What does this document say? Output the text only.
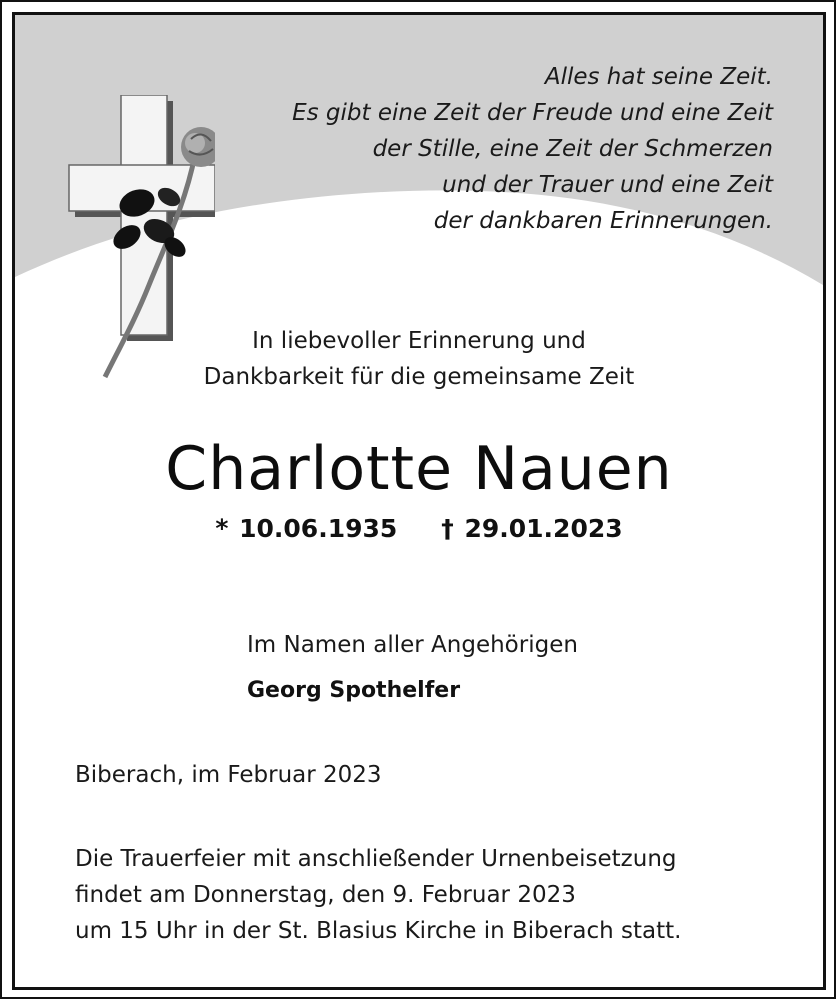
Alles hat seine Zeit.
Es gibt eine Zeit der Freude und eine Zeit
der Stille, eine Zeit der Schmerzen
und der Trauer und eine Zeit
der dankbaren Erinnerungen.
In liebevoller Erinnerung und
Dankbarkeit für die gemeinsame Zeit
Charlotte Nauen
* 10.06.1935 † 29.01.2023
Im Namen aller Angehörigen
Georg Spothelfer
Biberach, im Februar 2023
Die Trauerfeier mit anschließender Urnenbeisetzung
findet am Donnerstag, den 9. Februar 2023
um 15 Uhr in der St. Blasius Kirche in Biberach statt.
